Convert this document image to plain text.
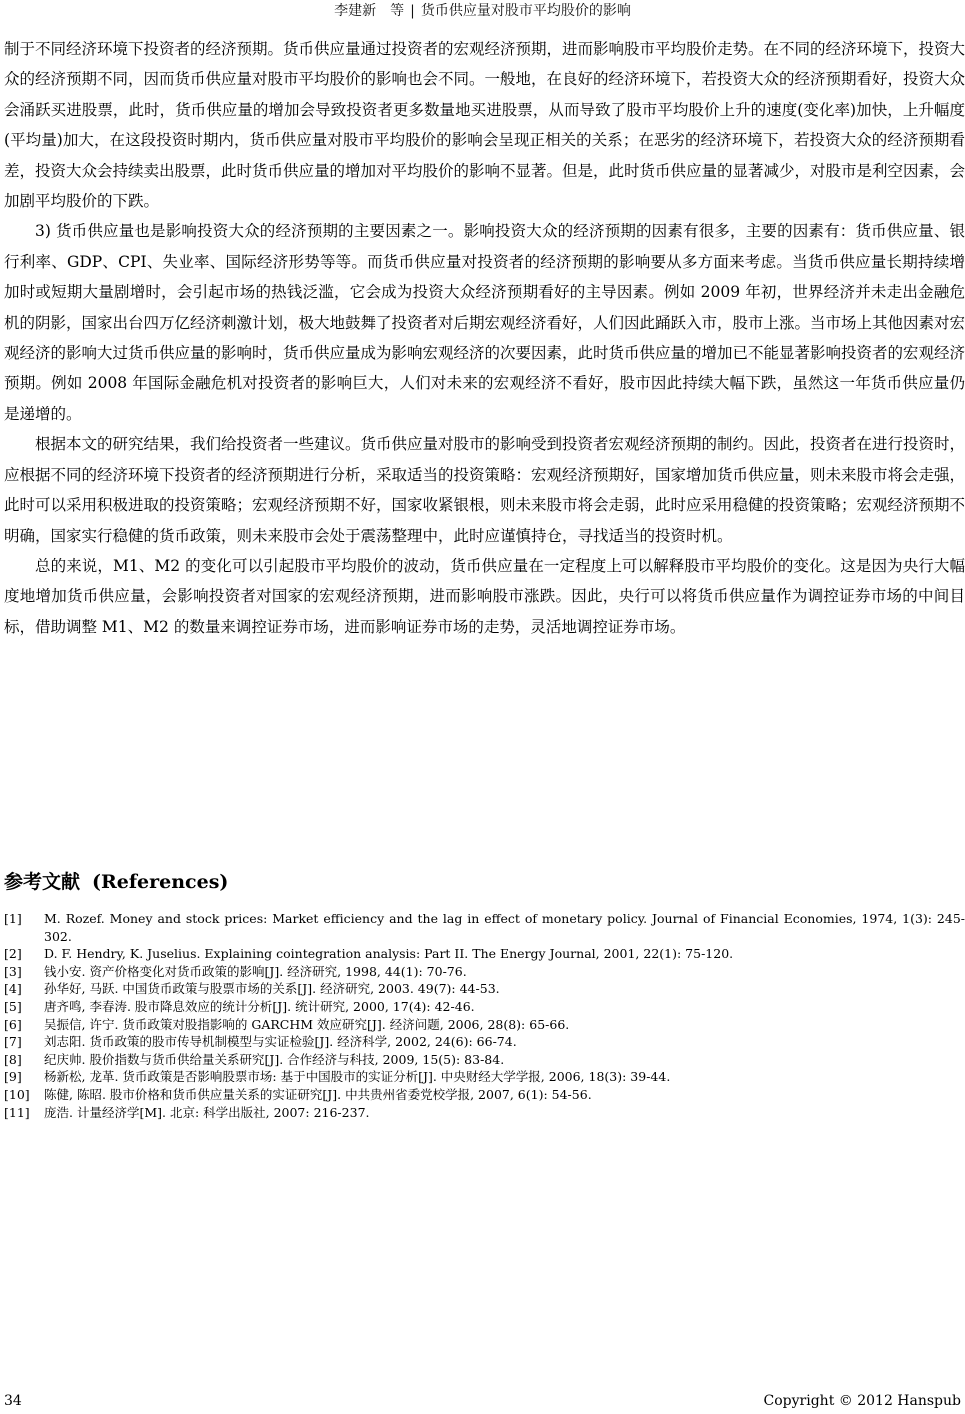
李建新　等 | 货币供应量对股市平均股价的影响

制于不同经济环境下投资者的经济预期。货币供应量通过投资者的宏观经济预期，进而影响股市平均股价走势。在不同的经济环境下，投资大众的经济预期不同，因而货币供应量对股市平均股价的影响也会不同。一般地，在良好的经济环境下，若投资大众的经济预期看好，投资大众会涌跃买进股票，此时，货币供应量的增加会导致投资者更多数量地买进股票，从而导致了股市平均股价上升的速度(变化率)加快，上升幅度(平均量)加大，在这段投资时期内，货币供应量对股市平均股价的影响会呈现正相关的关系；在恶劣的经济环境下，若投资大众的经济预期看差，投资大众会持续卖出股票，此时货币供应量的增加对平均股价的影响不显著。但是，此时货币供应量的显著减少，对股市是利空因素，会加剧平均股价的下跌。

3) 货币供应量也是影响投资大众的经济预期的主要因素之一。影响投资大众的经济预期的因素有很多，主要的因素有：货币供应量、银行利率、GDP、CPI、失业率、国际经济形势等等。而货币供应量对投资者的经济预期的影响要从多方面来考虑。当货币供应量长期持续增加时或短期大量剧增时，会引起市场的热钱泛滥，它会成为投资大众经济预期看好的主导因素。例如 2009 年初，世界经济并未走出金融危机的阴影，国家出台四万亿经济刺激计划，极大地鼓舞了投资者对后期宏观经济看好，人们因此踊跃入市，股市上涨。当市场上其他因素对宏观经济的影响大过货币供应量的影响时，货币供应量成为影响宏观经济的次要因素，此时货币供应量的增加已不能显著影响投资者的宏观经济预期。例如 2008 年国际金融危机对投资者的影响巨大，人们对未来的宏观经济不看好，股市因此持续大幅下跌，虽然这一年货币供应量仍是递增的。

根据本文的研究结果，我们给投资者一些建议。货币供应量对股市的影响受到投资者宏观经济预期的制约。因此，投资者在进行投资时，应根据不同的经济环境下投资者的经济预期进行分析，采取适当的投资策略：宏观经济预期好，国家增加货币供应量，则未来股市将会走强，此时可以采用积极进取的投资策略；宏观经济预期不好，国家收紧银根，则未来股市将会走弱，此时应采用稳健的投资策略；宏观经济预期不明确，国家实行稳健的货币政策，则未来股市会处于震荡整理中，此时应谨慎持仓，寻找适当的投资时机。

总的来说，M1、M2 的变化可以引起股市平均股价的波动，货币供应量在一定程度上可以解释股市平均股价的变化。这是因为央行大幅度地增加货币供应量，会影响投资者对国家的宏观经济预期，进而影响股市涨跌。因此，央行可以将货币供应量作为调控证券市场的中间目标，借助调整 M1、M2 的数量来调控证券市场，进而影响证券市场的走势，灵活地调控证券市场。

参考文献 (References)
[1]	M. Rozef. Money and stock prices: Market efficiency and the lag in effect of monetary policy. Journal of Financial Economies, 1974, 1(3): 245-302.
[2]	D. F. Hendry, K. Juselius. Explaining cointegration analysis: Part II. The Energy Journal, 2001, 22(1): 75-120.
[3]	钱小安. 资产价格变化对货币政策的影响[J]. 经济研究, 1998, 44(1): 70-76.
[4]	孙华好, 马跃. 中国货币政策与股票市场的关系[J]. 经济研究, 2003. 49(7): 44-53.
[5]	唐齐鸣, 李春涛. 股市降息效应的统计分析[J]. 统计研究, 2000, 17(4): 42-46.
[6]	吴振信, 许宁. 货币政策对股指影响的 GARCHM 效应研究[J]. 经济问题, 2006, 28(8): 65-66.
[7]	刘志阳. 货币政策的股市传导机制模型与实证检验[J]. 经济科学, 2002, 24(6): 66-74.
[8]	纪庆帅. 股价指数与货币供给量关系研究[J]. 合作经济与科技, 2009, 15(5): 83-84.
[9]	杨新松, 龙革. 货币政策是否影响股票市场: 基于中国股市的实证分析[J]. 中央财经大学学报, 2006, 18(3): 39-44.
[10]	陈健, 陈昭. 股市价格和货币供应量关系的实证研究[J]. 中共贵州省委党校学报, 2007, 6(1): 54-56.
[11]	庞浩. 计量经济学[M]. 北京: 科学出版社, 2007: 216-237.
34	Copyright © 2012 Hanspub
